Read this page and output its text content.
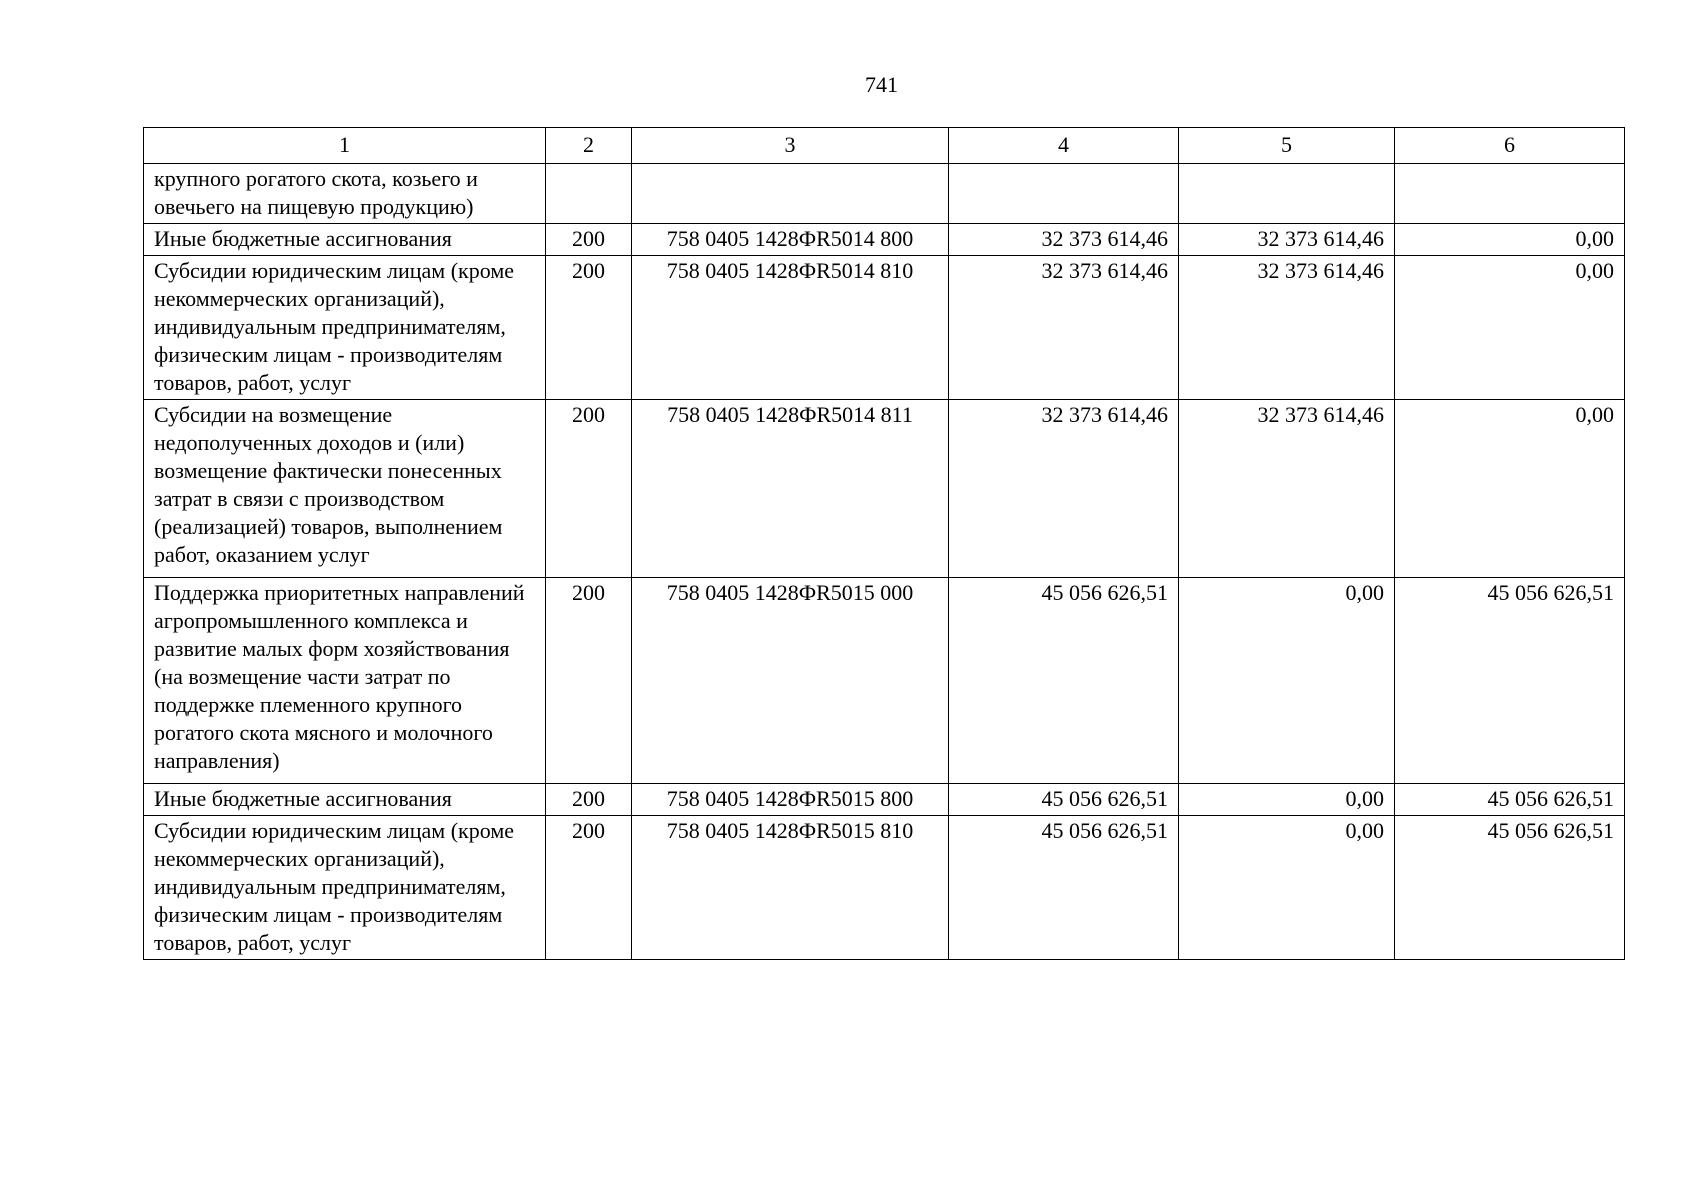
741
1	2	3	4	5	6
крупного рогатого скота, козьего и овечьего на пищевую продукцию)					
Иные бюджетные ассигнования	200	758 0405 1428ФR5014 800	32 373 614,46	32 373 614,46	0,00
Субсидии юридическим лицам (кроме некоммерческих организаций), индивидуальным предпринимателям, физическим лицам - производителям товаров, работ, услуг	200	758 0405 1428ФR5014 810	32 373 614,46	32 373 614,46	0,00
Субсидии на возмещение недополученных доходов и (или) возмещение фактически понесенных затрат в связи с производством (реализацией) товаров, выполнением работ, оказанием услуг	200	758 0405 1428ФR5014 811	32 373 614,46	32 373 614,46	0,00
Поддержка приоритетных направлений агропромышленного комплекса и развитие малых форм хозяйствования (на возмещение части затрат по поддержке племенного крупного рогатого скота мясного и молочного направления)	200	758 0405 1428ФR5015 000	45 056 626,51	0,00	45 056 626,51
Иные бюджетные ассигнования	200	758 0405 1428ФR5015 800	45 056 626,51	0,00	45 056 626,51
Субсидии юридическим лицам (кроме некоммерческих организаций), индивидуальным предпринимателям, физическим лицам - производителям товаров, работ, услуг	200	758 0405 1428ФR5015 810	45 056 626,51	0,00	45 056 626,51
